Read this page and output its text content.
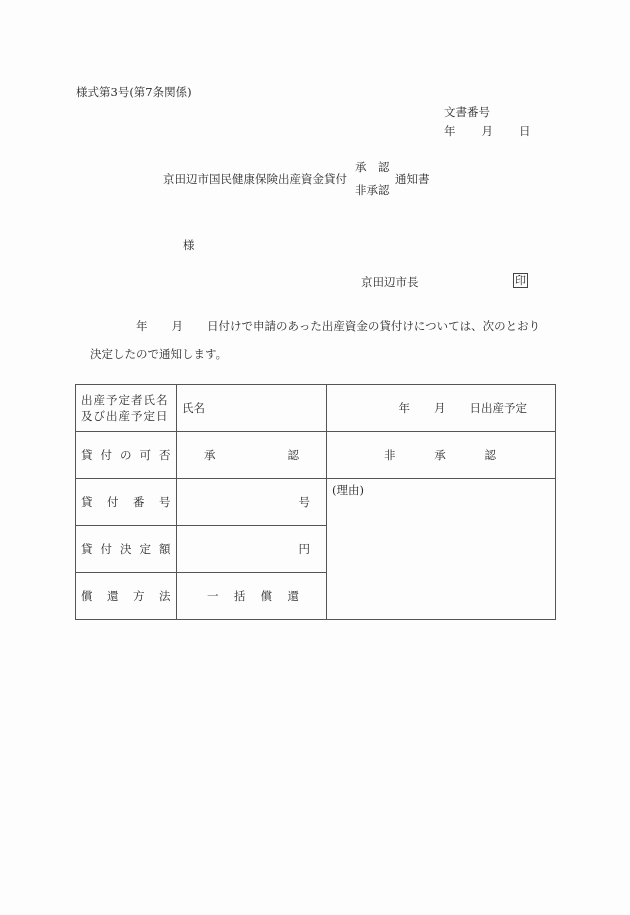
様式第3号(第7条関係)
文書番号
年 月 日
京田辺市国民健康保険出産資金貸付
承　認
非承認
通知書
様
京田辺市長	印
年 月 日付けで申請のあった出産資金の貸付けについては、次のとおり
決定したので通知します。
出産予定者氏名
及び出産予定日	氏名	年 月 日出産予定

貸 付 の 可 否	承 認	非 承 認

貸 付 番 号	号	(理由)

貸 付 決 定 額	円	

償 還 方 法	一 括 償 還	
